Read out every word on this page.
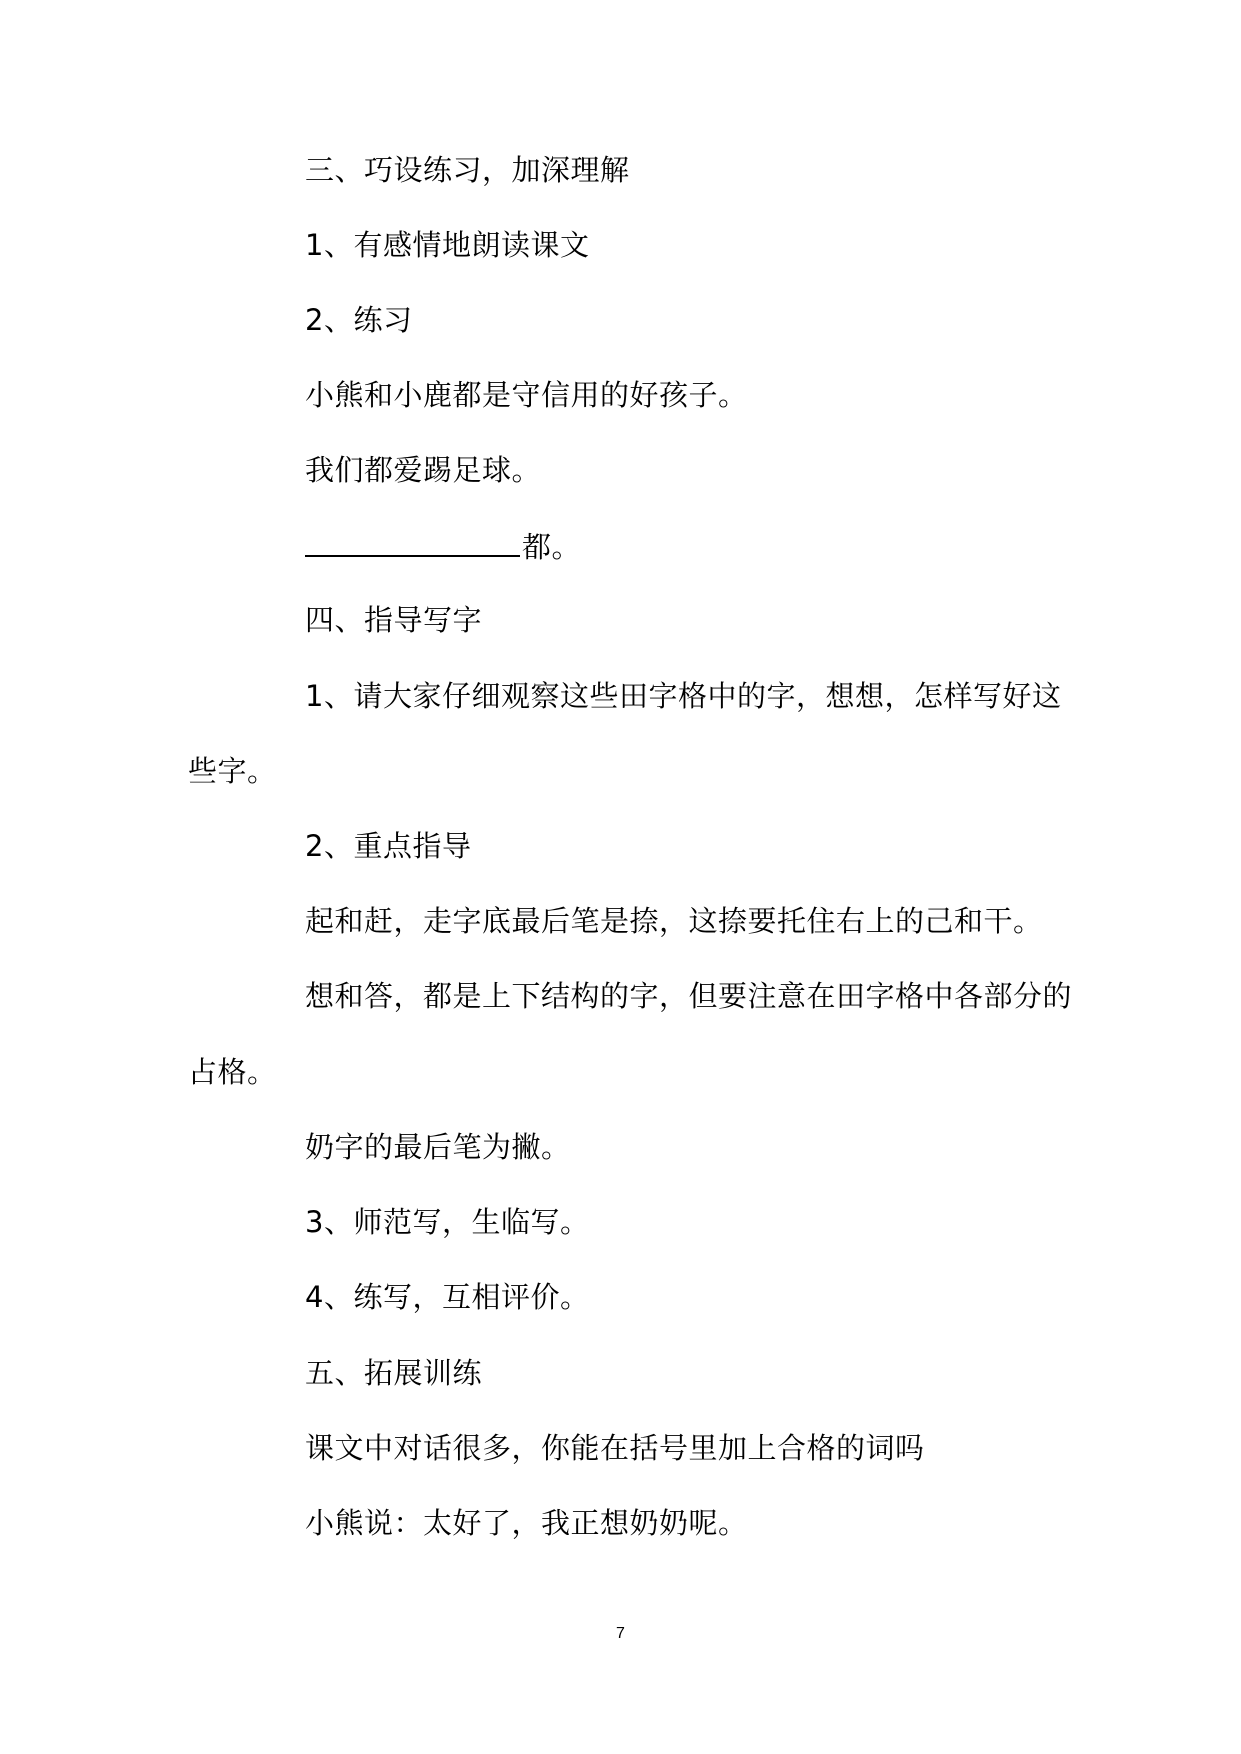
三、巧设练习，加深理解
1、有感情地朗读课文
2、练习
小熊和小鹿都是守信用的好孩子。
我们都爱踢足球。
都。
四、指导写字
1、请大家仔细观察这些田字格中的字，想想，怎样写好这
些字。
2、重点指导
起和赶，走字底最后笔是捺，这捺要托住右上的己和干。
想和答，都是上下结构的字，但要注意在田字格中各部分的
占格。
奶字的最后笔为撇。
3、师范写，生临写。
4、练写，互相评价。
五、拓展训练
课文中对话很多，你能在括号里加上合格的词吗
小熊说：太好了，我正想奶奶呢。
7
